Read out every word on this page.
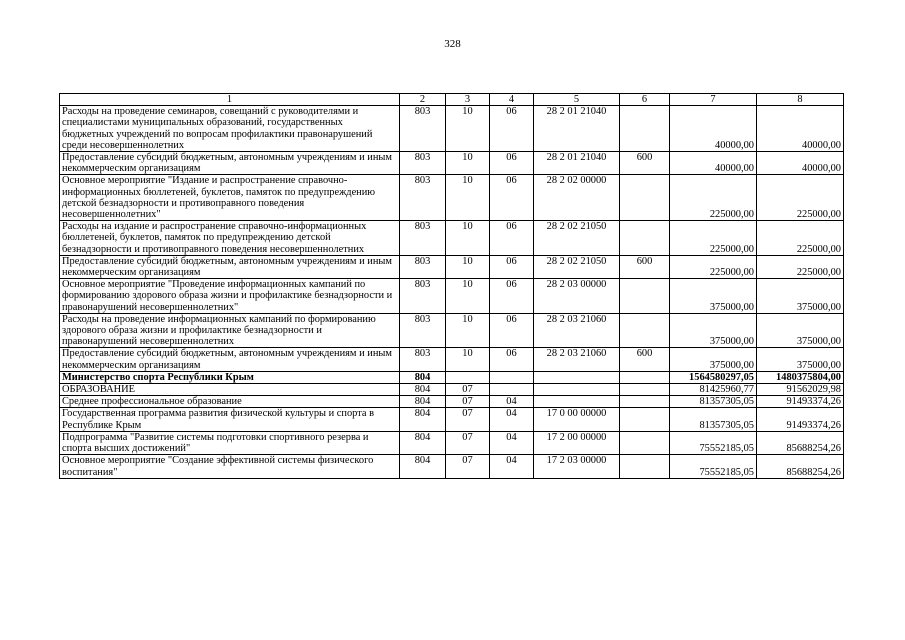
328
1	2	3	4	5	6	7	8
Расходы на проведение семинаров, совещаний с руководителями и специалистами муниципальных образований, государственных бюджетных учреждений по вопросам профилактики правонарушений среди несовершеннолетних	803	10	06	28 2 01 21040		40000,00	40000,00
Предоставление субсидий бюджетным, автономным учреждениям и иным некоммерческим организациям	803	10	06	28 2 01 21040	600	40000,00	40000,00
Основное мероприятие "Издание и распространение справочно-информационных бюллетеней, буклетов, памяток по предупреждению детской безнадзорности и противоправного поведения несовершеннолетних"	803	10	06	28 2 02 00000		225000,00	225000,00
Расходы на издание и распространение справочно-информационных бюллетеней, буклетов, памяток по предупреждению детской безнадзорности и противоправного поведения несовершеннолетних	803	10	06	28 2 02 21050		225000,00	225000,00
Предоставление субсидий бюджетным, автономным учреждениям и иным некоммерческим организациям	803	10	06	28 2 02 21050	600	225000,00	225000,00
Основное мероприятие "Проведение информационных кампаний по формированию здорового образа жизни и профилактике безнадзорности и правонарушений несовершеннолетних"	803	10	06	28 2 03 00000		375000,00	375000,00
Расходы на проведение информационных кампаний по формированию здорового образа жизни и профилактике безнадзорности и правонарушений несовершеннолетних	803	10	06	28 2 03 21060		375000,00	375000,00
Предоставление субсидий бюджетным, автономным учреждениям и иным некоммерческим организациям	803	10	06	28 2 03 21060	600	375000,00	375000,00
Министерство спорта Республики Крым	804					1564580297,05	1480375804,00
ОБРАЗОВАНИЕ	804	07				81425960,77	91562029,98
Среднее профессиональное образование	804	07	04			81357305,05	91493374,26
Государственная программа развития физической культуры и спорта в Республике Крым	804	07	04	17 0 00 00000		81357305,05	91493374,26
Подпрограмма "Развитие системы подготовки спортивного резерва и спорта высших достижений"	804	07	04	17 2 00 00000		75552185,05	85688254,26
Основное мероприятие "Создание эффективной системы физического воспитания"	804	07	04	17 2 03 00000		75552185,05	85688254,26
